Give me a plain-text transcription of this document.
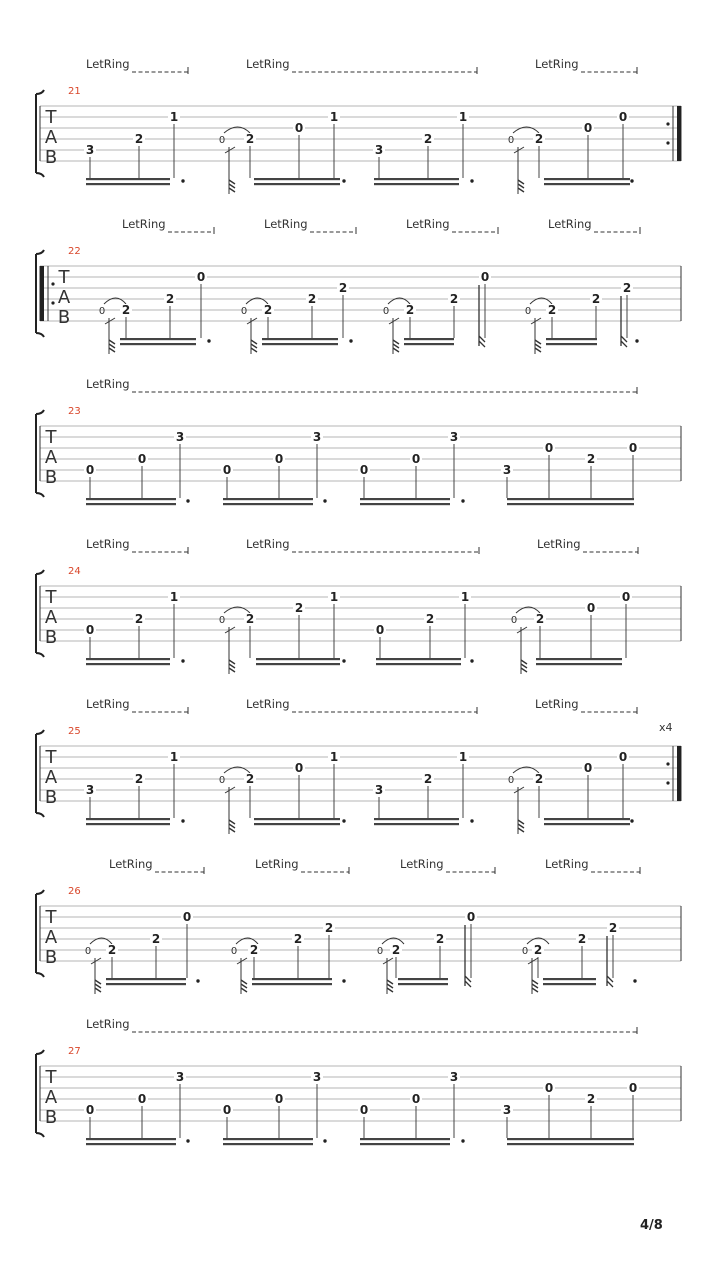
T
A
B
21
LetRing	LetRing	LetRing
3
2
1
0 2
0
1
3
2
1
0 2
0
0
T
A
B
22
LetRing	LetRing	LetRing	LetRing
0 2
2
0
0 2
2
2
0 2
2
0
0 2
2
2
T
A
B
23
LetRing
0
0
3
0
0
3
0
0
3
3
0
2
0
T
A
B
24
LetRing	LetRing	LetRing
0
2
1
0 2
2
1
0
2
1
0 2
0
0
T
A
B
25	x4
LetRing	LetRing	LetRing
3
2
1
0 2
0
1
3
2
1
0 2
0
0
T
A
B
26
LetRing	LetRing	LetRing	LetRing
0 2
2
0
0 2
2
2
0 2
2
0
0 2
2
2
T
A
B
27
LetRing
0
0
3
0
0
3
0
0
3
3
0
2
0
4/8
